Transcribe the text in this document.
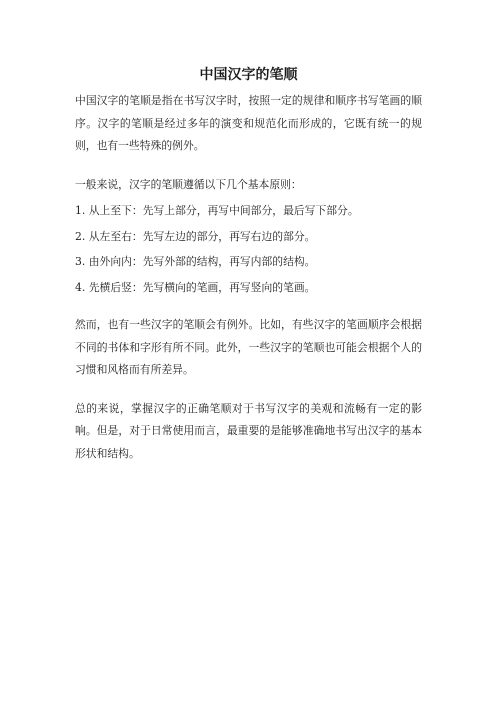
中国汉字的笔顺

中国汉字的笔顺是指在书写汉字时，按照一定的规律和顺序书写笔画的顺序。汉字的笔顺是经过多年的演变和规范化而形成的，它既有统一的规则，也有一些特殊的例外。

一般来说，汉字的笔顺遵循以下几个基本原则：

1. 从上至下：先写上部分，再写中间部分，最后写下部分。
2. 从左至右：先写左边的部分，再写右边的部分。
3. 由外向内：先写外部的结构，再写内部的结构。
4. 先横后竖：先写横向的笔画，再写竖向的笔画。

然而，也有一些汉字的笔顺会有例外。比如，有些汉字的笔画顺序会根据不同的书体和字形有所不同。此外，一些汉字的笔顺也可能会根据个人的习惯和风格而有所差异。

总的来说，掌握汉字的正确笔顺对于书写汉字的美观和流畅有一定的影响。但是，对于日常使用而言，最重要的是能够准确地书写出汉字的基本形状和结构。
